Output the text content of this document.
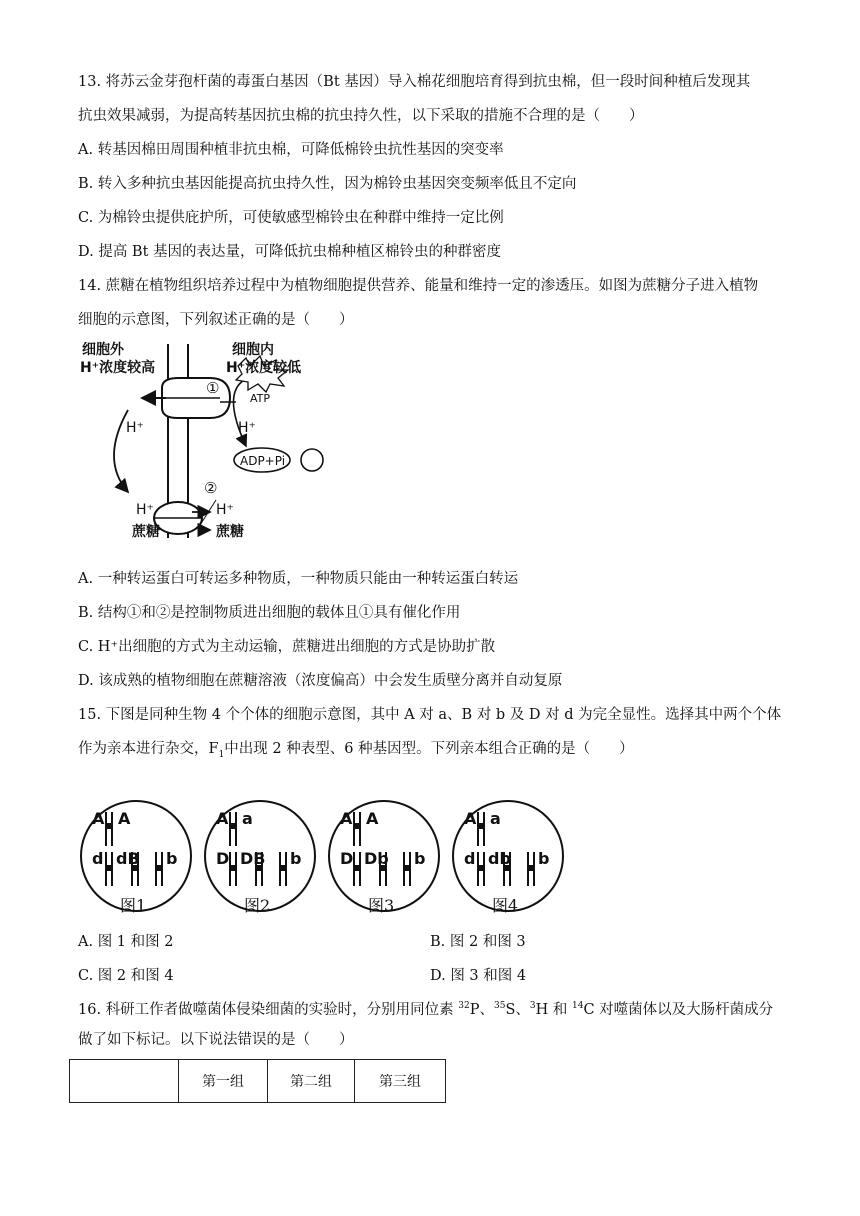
13. 将苏云金芽孢杆菌的毒蛋白基因（Bt 基因）导入棉花细胞培育得到抗虫棉，但一段时间种植后发现其
抗虫效果减弱，为提高转基因抗虫棉的抗虫持久性，以下采取的措施不合理的是（　　）
A. 转基因棉田周围种植非抗虫棉，可降低棉铃虫抗性基因的突变率
B. 转入多种抗虫基因能提高抗虫持久性，因为棉铃虫基因突变频率低且不定向
C. 为棉铃虫提供庇护所，可使敏感型棉铃虫在种群中维持一定比例
D. 提高 Bt 基因的表达量，可降低抗虫棉种植区棉铃虫的种群密度
14. 蔗糖在植物组织培养过程中为植物细胞提供营养、能量和维持一定的渗透压。如图为蔗糖分子进入植物
细胞的示意图，下列叙述正确的是（　　）
细胞外
H⁺浓度较高
细胞内
H⁺浓度较低
①
ATP
H⁺	H⁺
ADP+Pi
②
H⁺	H⁺
蔗糖	蔗糖
A. 一种转运蛋白可转运多种物质，一种物质只能由一种转运蛋白转运
B. 结构①和②是控制物质进出细胞的载体且①具有催化作用
C. H⁺出细胞的方式为主动运输，蔗糖进出细胞的方式是协助扩散
D. 该成熟的植物细胞在蔗糖溶液（浓度偏高）中会发生质壁分离并自动复原
15. 下图是同种生物 4 个个体的细胞示意图，其中 A 对 a、B 对 b 及 D 对 d 为完全显性。选择其中两个个体
作为亲本进行杂交，$F_1$中出现 2 种表型、6 种基因型。下列亲本组合正确的是（　　）
A A
d dB b
图1
A a
D DB b
图2
A A
D Db b
图3
A a
d db b
图4
A. 图 1 和图 2	B. 图 2 和图 3
C. 图 2 和图 4	D. 图 3 和图 4
16. 科研工作者做噬菌体侵染细菌的实验时，分别用同位素 $^{32}$P、$^{35}$S、$^3$H 和 $^{14}$C 对噬菌体以及大肠杆菌成分
做了如下标记。以下说法错误的是（　　）
	第一组	第二组	第三组
